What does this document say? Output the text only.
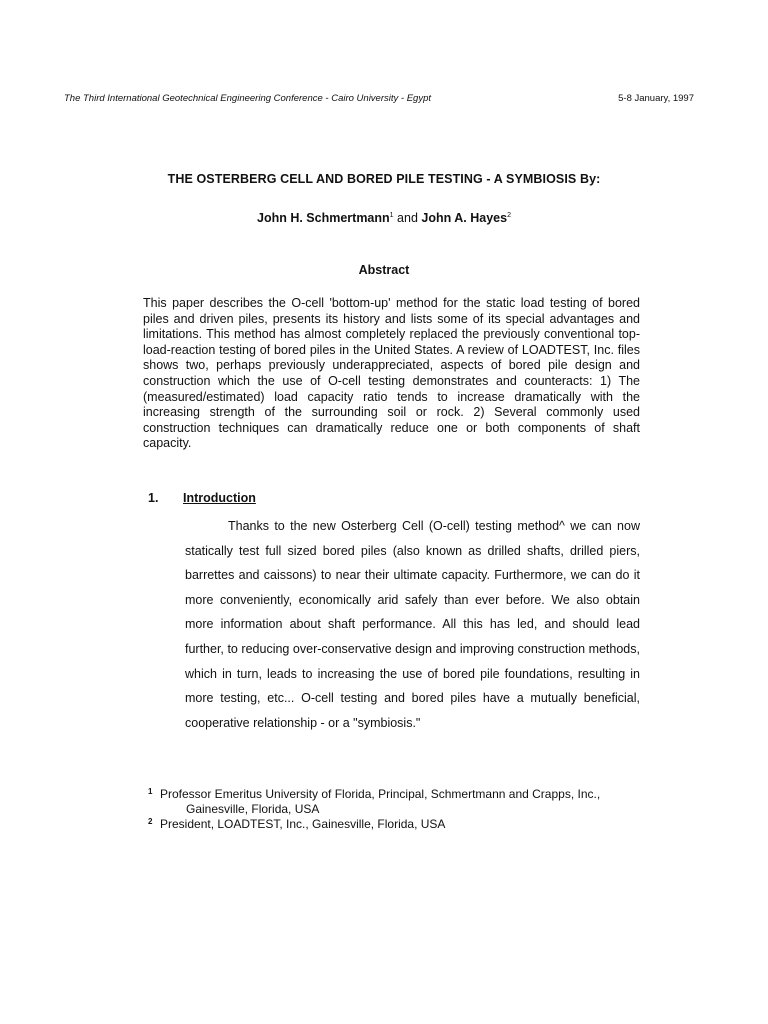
The Third International Geotechnical Engineering Conference - Cairo University - Egypt	5-8 January, 1997
THE OSTERBERG CELL AND BORED PILE TESTING - A SYMBIOSIS By:
John H. Schmertmann$^1$ and John A. Hayes$^2$
Abstract
This paper describes the O-cell 'bottom-up' method for the static load testing of bored piles and driven piles, presents its history and lists some of its special advantages and limitations. This method has almost completely replaced the previously conventional top-load-reaction testing of bored piles in the United States. A review of LOADTEST, Inc. files shows two, perhaps previously underappreciated, aspects of bored pile design and construction which the use of O-cell testing demonstrates and counteracts: 1) The (measured/estimated) load capacity ratio tends to increase dramatically with the increasing strength of the surrounding soil or rock. 2) Several commonly used construction techniques can dramatically reduce one or both components of shaft capacity.
1. Introduction
Thanks to the new Osterberg Cell (O-cell) testing method^ we can now statically test full sized bored piles (also known as drilled shafts, drilled piers, barrettes and caissons) to near their ultimate capacity. Furthermore, we can do it more conveniently, economically arid safely than ever before. We also obtain more information about shaft performance. All this has led, and should lead further, to reducing over-conservative design and improving construction methods, which in turn, leads to increasing the use of bored pile foundations, resulting in more testing, etc... O-cell testing and bored piles have a mutually beneficial, cooperative relationship - or a "symbiosis."
1 Professor Emeritus University of Florida, Principal, Schmertmann and Crapps, Inc.,
Gainesville, Florida, USA
2 President, LOADTEST, Inc., Gainesville, Florida, USA
